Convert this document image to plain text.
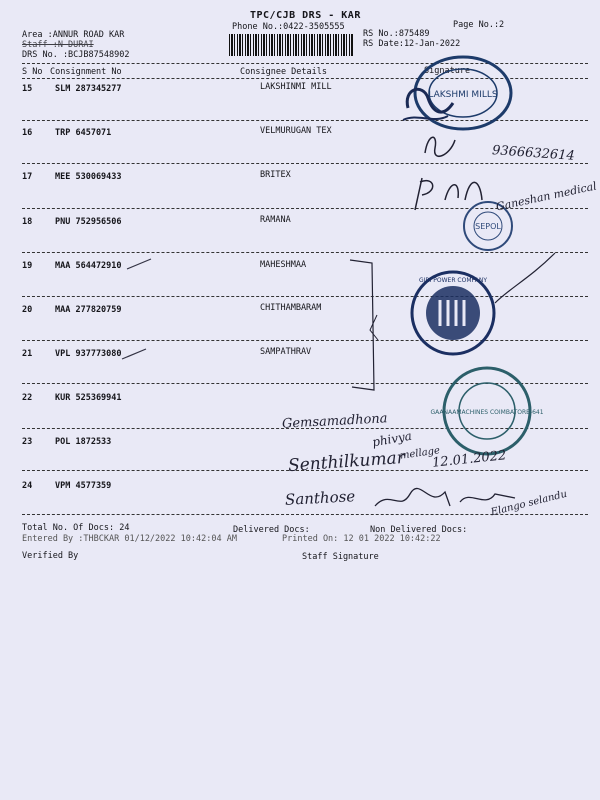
TPC/CJB DRS - KAR
Phone No.:0422-3505555	Page No.:2
Area :ANNUR ROAD KAR
Staff :N DURAI
DRS No. :BCJB87548902
RS No.:875489
RS Date:12-Jan-2022
S No Consignment No	Consignee Details	Signature
15	SLM 287345277	LAKSHINMI MILL
16	TRP 6457071	VELMURUGAN TEX
17	MEE 530069433	BRITEX
18	PNU 752956506	RAMANA
19	MAA 564472910	MAHESHMAA
20	MAA 277820759	CHITHAMBARAM
21	VPL 937773080	SAMPATHRAV
22	KUR 525369941
23	POL 1872533
24	VPM 4577359
Total No. Of Docs: 24	Delivered Docs:	Non Delivered Docs:
Entered By :THBCKAR 01/12/2022 10:42:04 AM	Printed On: 12 01 2022 10:42:22
Verified By	Staff Signature
LAKSHMI MILLS
SEPOL
GIRI POWER COMPANY
GAANAAMACHINES COIMBATORE-641
9366632614
Ganeshan medical
Gemsamadhona
phivya
mellage
Senthilkumar 12.01.2022
Santhose	Elango selandu
